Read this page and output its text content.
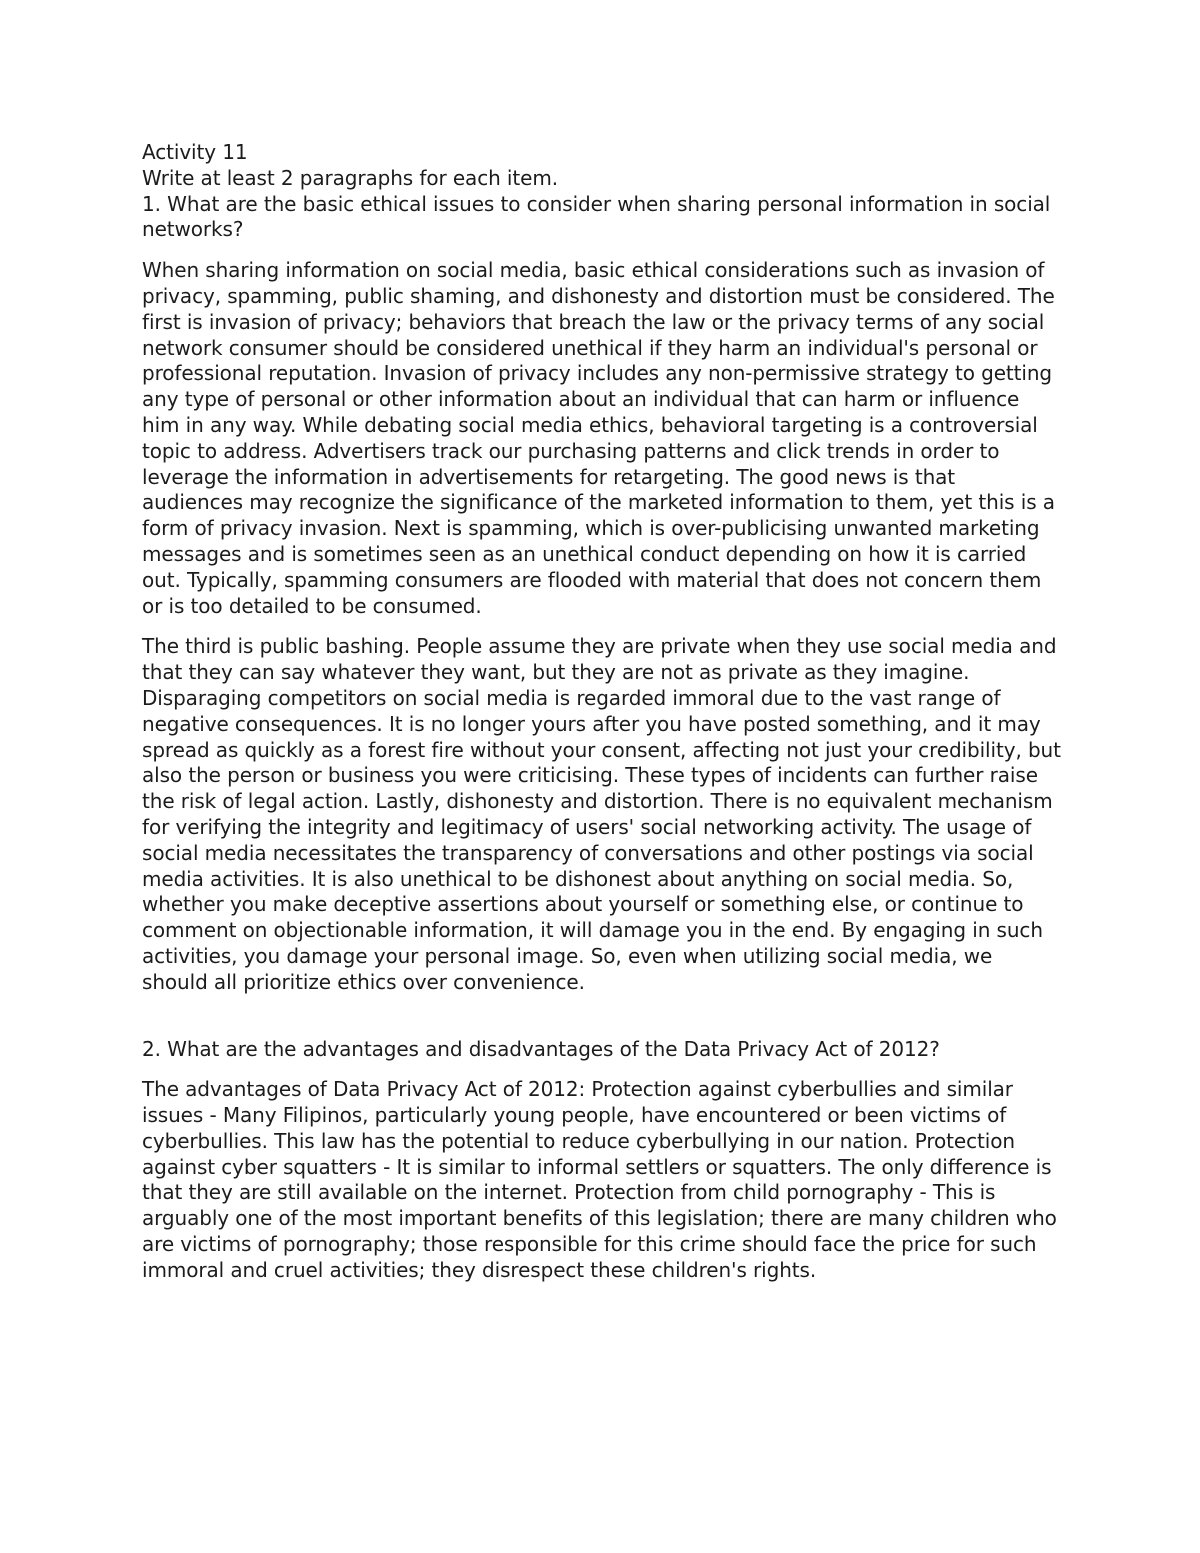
Activity 11

Write at least 2 paragraphs for each item.

1. What are the basic ethical issues to consider when sharing personal information in social networks?

When sharing information on social media, basic ethical considerations such as invasion of privacy, spamming, public shaming, and dishonesty and distortion must be considered. The first is invasion of privacy; behaviors that breach the law or the privacy terms of any social network consumer should be considered unethical if they harm an individual's personal or professional reputation. Invasion of privacy includes any non-permissive strategy to getting any type of personal or other information about an individual that can harm or influence him in any way. While debating social media ethics, behavioral targeting is a controversial topic to address. Advertisers track our purchasing patterns and click trends in order to leverage the information in advertisements for retargeting. The good news is that audiences may recognize the significance of the marketed information to them, yet this is a form of privacy invasion. Next is spamming, which is over-publicising unwanted marketing messages and is sometimes seen as an unethical conduct depending on how it is carried out. Typically, spamming consumers are flooded with material that does not concern them or is too detailed to be consumed.

The third is public bashing. People assume they are private when they use social media and that they can say whatever they want, but they are not as private as they imagine. Disparaging competitors on social media is regarded immoral due to the vast range of negative consequences. It is no longer yours after you have posted something, and it may spread as quickly as a forest fire without your consent, affecting not just your credibility, but also the person or business you were criticising. These types of incidents can further raise the risk of legal action. Lastly, dishonesty and distortion. There is no equivalent mechanism for verifying the integrity and legitimacy of users' social networking activity. The usage of social media necessitates the transparency of conversations and other postings via social media activities. It is also unethical to be dishonest about anything on social media. So, whether you make deceptive assertions about yourself or something else, or continue to comment on objectionable information, it will damage you in the end. By engaging in such activities, you damage your personal image. So, even when utilizing social media, we should all prioritize ethics over convenience.

2. What are the advantages and disadvantages of the Data Privacy Act of 2012?

The advantages of Data Privacy Act of 2012: Protection against cyberbullies and similar issues - Many Filipinos, particularly young people, have encountered or been victims of cyberbullies. This law has the potential to reduce cyberbullying in our nation. Protection against cyber squatters - It is similar to informal settlers or squatters. The only difference is that they are still available on the internet. Protection from child pornography - This is arguably one of the most important benefits of this legislation; there are many children who are victims of pornography; those responsible for this crime should face the price for such immoral and cruel activities; they disrespect these children's rights.
